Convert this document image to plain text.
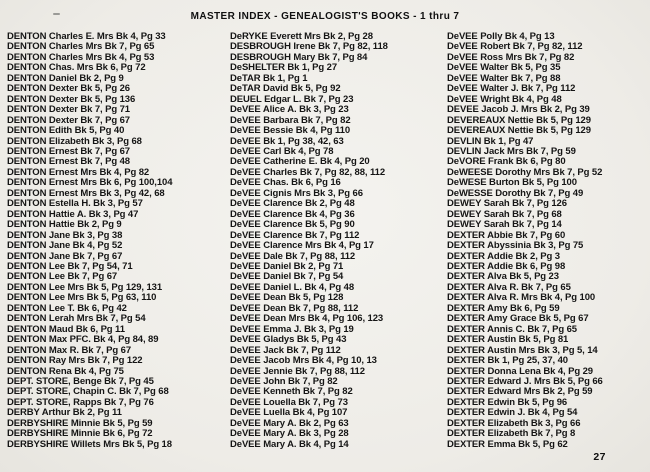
MASTER INDEX - GENEALOGIST'S BOOKS - 1 thru 7
DENTON Charles E. Mrs Bk 4, Pg 33
DENTON Charles Mrs Bk 7, Pg 65
DENTON Charles Mrs Bk 4, Pg 53
DENTON Chas. Mrs Bk 6, Pg 72
DENTON Daniel Bk 2, Pg 9
DENTON Dexter Bk 5, Pg 26
DENTON Dexter Bk 5, Pg 136
DENTON Dexter Bk 7, Pg 71
DENTON Dexter Bk 7, Pg 67
DENTON Edith Bk 5, Pg 40
DENTON Elizabeth Bk 3, Pg 68
DENTON Ernest Bk 7, Pg 67
DENTON Ernest Bk 7, Pg 48
DENTON Ernest Mrs Bk 4, Pg 82
DENTON Ernest Mrs Bk 6, Pg 100,104
DENTON Ernest Mrs Bk 3, Pg 42, 68
DENTON Estella H. Bk 3, Pg 57
DENTON Hattie A. Bk 3, Pg 47
DENTON Hattie Bk 2, Pg 9
DENTON Jane Bk 3, Pg 38
DENTON Jane Bk 4, Pg 52
DENTON Jane Bk 7, Pg 67
DENTON Lee Bk 7, Pg 54, 71
DENTON Lee Bk 7, Pg 67
DENTON Lee Mrs Bk 5, Pg 129, 131
DENTON Lee Mrs Bk 5, Pg 63, 110
DENTON Lee T. Bk 6, Pg 42
DENTON Lerah Mrs Bk 7, Pg 54
DENTON Maud Bk 6, Pg 11
DENTON Max PFC. Bk 4, Pg 84, 89
DENTON Max R. Bk 7, Pg 67
DENTON Ray Mrs Bk 7, Pg 122
DENTON Rena Bk 4, Pg 75
DEPT. STORE, Benge Bk 7, Pg 45
DEPT. STORE, Chapin C. Bk 7, Pg 68
DEPT. STORE, Rapps Bk 7, Pg 76
DERBY Arthur Bk 2, Pg 11
DERBYSHIRE Minnie Bk 5, Pg 59
DERBYSHIRE Minnie Bk 6, Pg 72
DERBYSHIRE Willets Mrs Bk 5, Pg 18
DeRYKE Everett Mrs Bk 2, Pg 28
DESBROUGH Irene Bk 7, Pg 82, 118
DESBROUGH Mary Bk 7, Pg 84
DeSHELTER Bk 1, Pg 27
DeTAR Bk 1, Pg 1
DeTAR David Bk 5, Pg 92
DEUEL Edgar L. Bk 7, Pg 23
DeVEE Alice A. Bk 3, Pg 23
DeVEE Barbara Bk 7, Pg 82
DeVEE Bessie Bk 4, Pg 110
DeVEE Bk 1, Pg 38, 42, 63
DeVEE Carl Bk 4, Pg 78
DeVEE Catherine E. Bk 4, Pg 20
DeVEE Charles Bk 7, Pg 82, 88, 112
DeVEE Chas. Bk 6, Pg 16
DeVEE Cignis Mrs Bk 3, Pg 66
DeVEE Clarence Bk 2, Pg 48
DeVEE Clarence Bk 4, Pg 36
DeVEE Clarence Bk 5, Pg 90
DeVEE Clarence Bk 7, Pg 112
DeVEE Clarence Mrs Bk 4, Pg 17
DeVEE Dale Bk 7, Pg 88, 112
DeVEE Daniel Bk 2, Pg 71
DeVEE Daniel Bk 7, Pg 54
DeVEE Daniel L. Bk 4, Pg 48
DeVEE Dean Bk 5, Pg 128
DeVEE Dean Bk 7, Pg 88, 112
DeVEE Dean Mrs Bk 4, Pg 106, 123
DeVEE Emma J. Bk 3, Pg 19
DeVEE Gladys Bk 5, Pg 43
DeVEE Jack Bk 7, Pg 112
DeVEE Jacob Mrs Bk 4, Pg 10, 13
DeVEE Jennie Bk 7, Pg 88, 112
DeVEE John Bk 7, Pg 82
DeVEE Kenneth Bk 7, Pg 82
DeVEE Louella Bk 7, Pg 73
DeVEE Luella Bk 4, Pg 107
DeVEE Mary A. Bk 2, Pg 63
DeVEE Mary A. Bk 3, Pg 28
DeVEE Mary A. Bk 4, Pg 14
DeVEE Polly Bk 4, Pg 13
DeVEE Robert Bk 7, Pg 82, 112
DeVEE Ross Mrs Bk 7, Pg 82
DeVEE Walter Bk 5, Pg 35
DeVEE Walter Bk 7, Pg 88
DeVEE Walter J. Bk 7, Pg 112
DeVEE Wright Bk 4, Pg 48
DEVEE Jacob J. Mrs Bk 2, Pg 39
DEVEREAUX Nettie Bk 5, Pg 129
DEVEREAUX Nettie Bk 5, Pg 129
DEVLIN Bk 1, Pg 47
DEVLIN Jack Mrs Bk 7, Pg 59
DeVORE Frank Bk 6, Pg 80
DeWEESE Dorothy Mrs Bk 7, Pg 52
DeWESE Burton Bk 5, Pg 100
DeWESSE Dorothy Bk 7, Pg 49
DEWEY Sarah Bk 7, Pg 126
DEWEY Sarah Bk 7, Pg 68
DEWEY Sarah Bk 7, Pg 14
DEXTER Abbie Bk 7, Pg 60
DEXTER Abyssinia Bk 3, Pg 75
DEXTER Addie Bk 2, Pg 3
DEXTER Addie Bk 6, Pg 98
DEXTER Alva Bk 5, Pg 23
DEXTER Alva R. Bk 7, Pg 65
DEXTER Alva R. Mrs Bk 4, Pg 100
DEXTER Amy Bk 6, Pg 59
DEXTER Amy Grace Bk 5, Pg 67
DEXTER Annis C. Bk 7, Pg 65
DEXTER Austin Bk 5, Pg 81
DEXTER Austin Mrs Bk 3, Pg 5, 14
DEXTER Bk 1, Pg 25, 37, 40
DEXTER Donna Lena Bk 4, Pg 29
DEXTER Edward J. Mrs Bk 5, Pg 66
DEXTER Edward Mrs Bk 2, Pg 59
DEXTER Edwin Bk 5, Pg 96
DEXTER Edwin J. Bk 4, Pg 54
DEXTER Elizabeth Bk 3, Pg 66
DEXTER Elizabeth Bk 7, Pg 8
DEXTER Emma Bk 5, Pg 62
27
